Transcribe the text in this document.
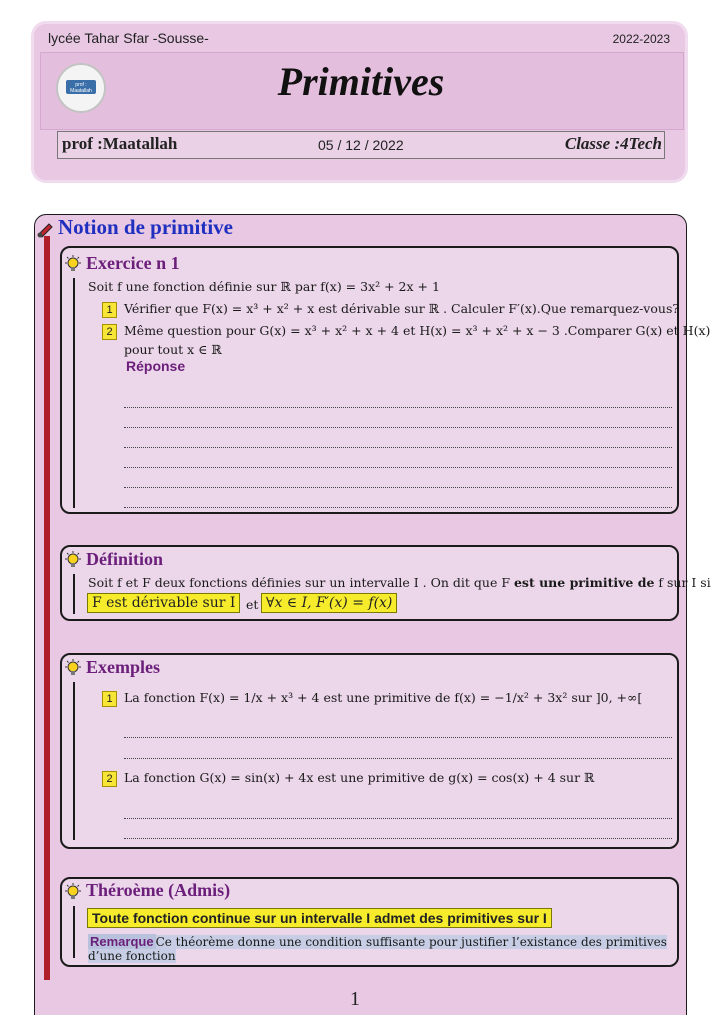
lycée Tahar Sfar -Sousse-	2022-2023
prof : Maatallah	Primitives
prof :Maatallah	05 / 12 / 2022	Classe :4Tech
Notion de primitive
Exercice n 1
Soit f une fonction définie sur ℝ par f(x) = 3x² + 2x + 1
1 Vérifier que F(x) = x³ + x² + x est dérivable sur ℝ . Calculer F′(x).Que remarquez-vous?
2 Même question pour G(x) = x³ + x² + x + 4 et H(x) = x³ + x² + x − 3 .Comparer G(x) et H(x)
pour tout x ∈ ℝ
Réponse
Définition
Soit f et F deux fonctions définies sur un intervalle I . On dit que F est une primitive de f sur I si
F est dérivable sur I et ∀x ∈ I, F′(x) = f(x)
Exemples
1 La fonction F(x) = 1/x + x³ + 4 est une primitive de f(x) = −1/x² + 3x² sur ]0, +∞[
2 La fonction G(x) = sin(x) + 4x est une primitive de g(x) = cos(x) + 4 sur ℝ
Théroème (Admis)
Toute fonction continue sur un intervalle I admet des primitives sur I
Remarque Ce théorème donne une condition suffisante pour justifier l’existance des primitives
d’une fonction
1
